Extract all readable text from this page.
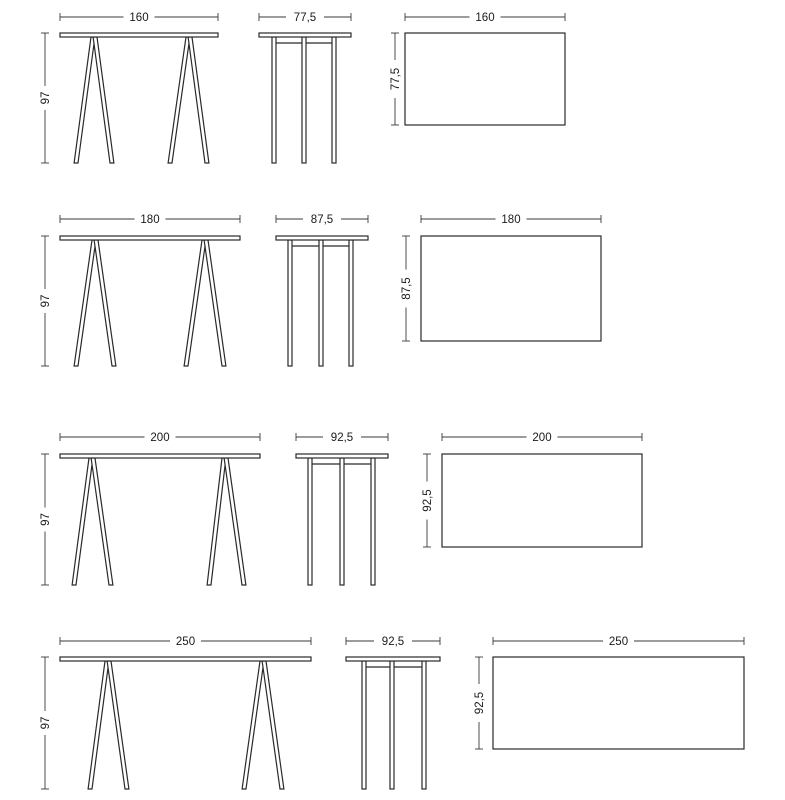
160
97
77,5	160
77,5
180
97
87,5	180
87,5
200
97
92,5	200
92,5
250
97
92,5	250
92,5
